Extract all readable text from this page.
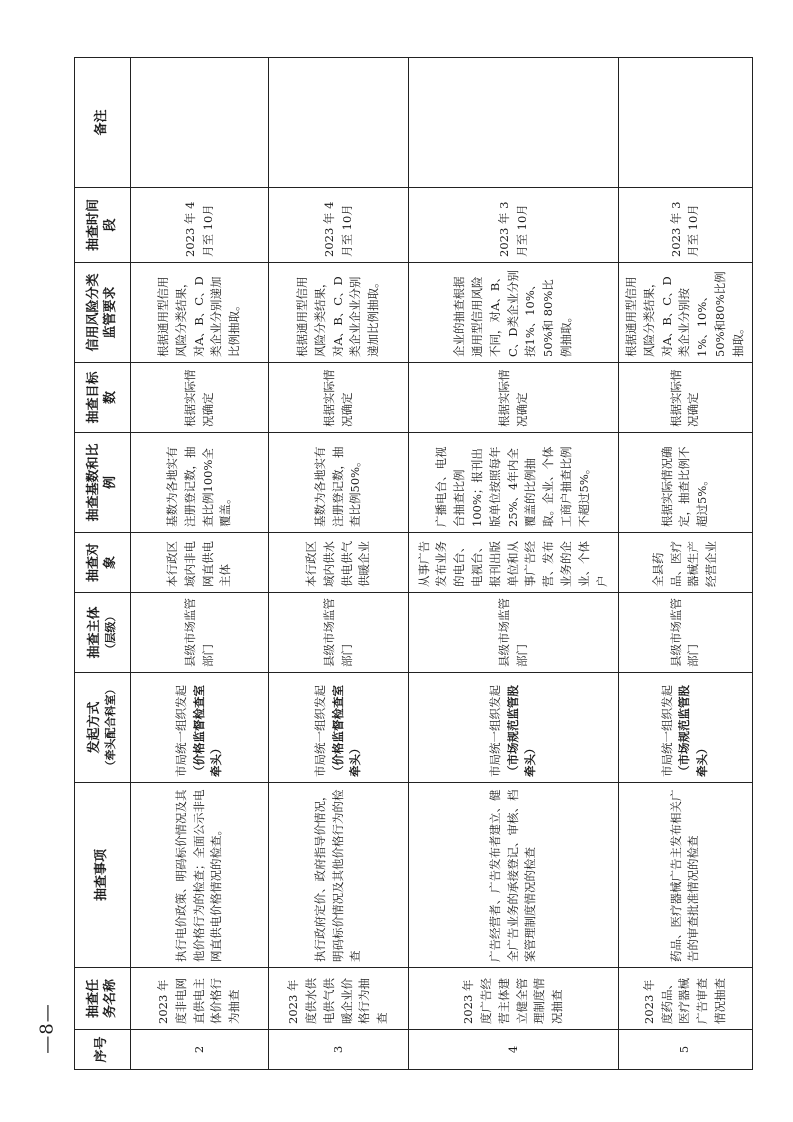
序号	抽查任务名称	抽查事项	发起方式 （牵头配合科室）	抽查主体 （层级）	抽查对象	抽查基数和比例	抽查目标数	信用风险分类监管要求	抽查时间段	备注
2	2023 年度非电网直供电主体价格行为抽查	执行电价政策、明码标价情况及其他价格行为的检查；全面公示非电网直供电价格情况的检查。	市局统一组织发起 （价格监督检查室牵头）	县级市场监管部门	本行政区域内非电网直供电主体	基数为各地实有注册登记数，抽查比例100%全覆盖。	根据实际情况确定	根据通用型信用风险分类结果，对A、B、C、D类企业分别递加比例抽取。	2023 年 4 月至 10月	
3	2023 年度供水供电供气供暖企业价格行为抽查	执行政府定价、政府指导价情况，明码标价情况及其他价格行为的检查	市局统一组织发起 （价格监督检查室牵头）	县级市场监管部门	本行政区域内供水供电供气供暖企业	基数为各地实有注册登记数，抽查比例50%。	根据实际情况确定	根据通用型信用风险分类结果，对A、B、C、D类企业企业分别递加比例抽取。	2023 年 4 月至 10月	
4	2023 年度广告经营主体建立健全管理制度情况抽查	广告经营者、广告发布者建立、健全广告业务的承接登记、审核、档案管理制度情况的检查	市局统一组织发起 （市场规范监管股牵头）	县级市场监管部门	从事广告发布业务的电台、电视台、报刊出版单位和从事广告经营、发布业务的企业、个体户	广播电台、电视台抽查比例100%；报刊出版单位按照每年25%、4年内全覆盖的比例抽取。企业、个体工商户抽查比例不超过5%。	根据实际情况确定	企业的抽查根据通用型信用风险不同，对A、B、C、D类企业分别按1%、10%、50%和 80%比例抽取。	2023 年 3 月至 10月	
5	2023 年度药品、医疗器械广告审查情况抽查	药品、医疗器械广告主发布相关广告的审查批准情况的检查	市局统一组织发起 （市场规范监管股牵头）	县级市场监管部门	全县药品、医疗器械生产经营企业	根据实际情况确定，抽查比例不超过5%。	根据实际情况确定	根据通用型信用风险分类结果，对A、B、C、D类企业分别按1%、10%、50%和80%比例抽取。	2023 年 3 月至 10月	
—8—
